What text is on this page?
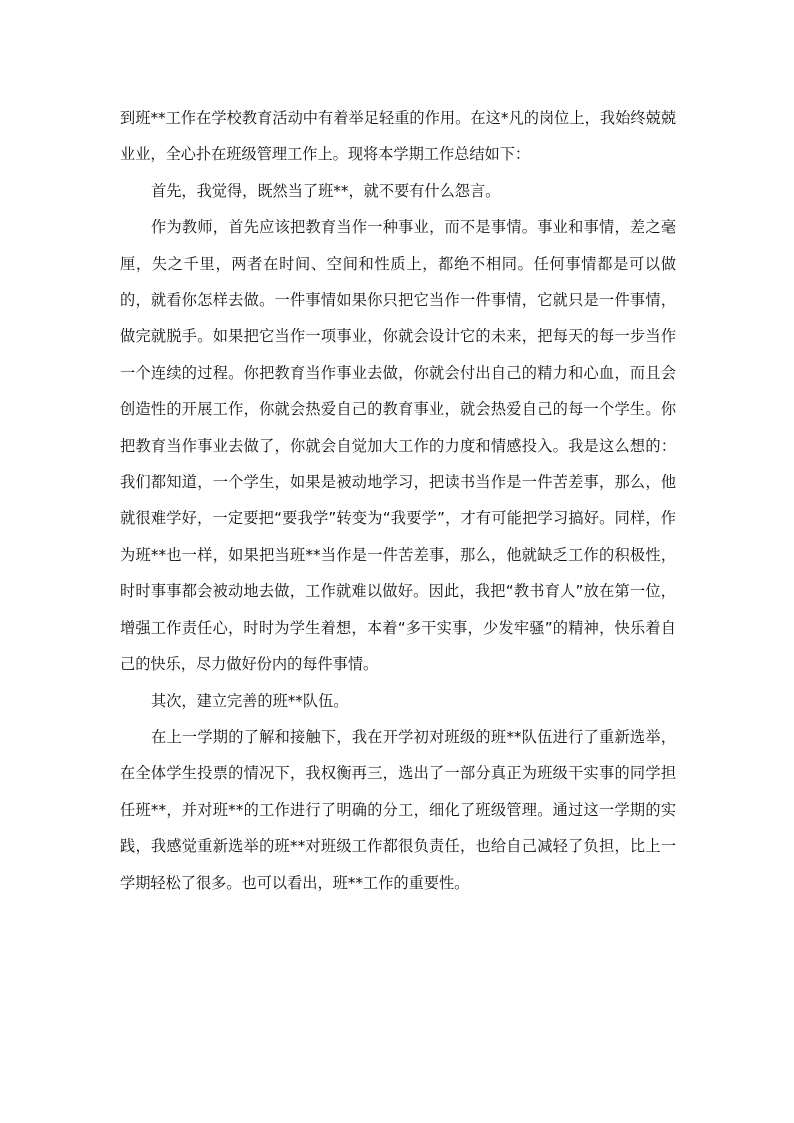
到班**工作在学校教育活动中有着举足轻重的作用。在这*凡的岗位上，我始终兢兢业业，全心扑在班级管理工作上。现将本学期工作总结如下：

首先，我觉得，既然当了班**，就不要有什么怨言。

作为教师，首先应该把教育当作一种事业，而不是事情。事业和事情，差之毫厘，失之千里，两者在时间、空间和性质上，都绝不相同。任何事情都是可以做的，就看你怎样去做。一件事情如果你只把它当作一件事情，它就只是一件事情，做完就脱手。如果把它当作一项事业，你就会设计它的未来，把每天的每一步当作一个连续的过程。你把教育当作事业去做，你就会付出自己的精力和心血，而且会创造性的开展工作，你就会热爱自己的教育事业，就会热爱自己的每一个学生。你把教育当作事业去做了，你就会自觉加大工作的力度和情感投入。我是这么想的：我们都知道，一个学生，如果是被动地学习，把读书当作是一件苦差事，那么，他就很难学好，一定要把“要我学”转变为“我要学”，才有可能把学习搞好。同样，作为班**也一样，如果把当班**当作是一件苦差事，那么，他就缺乏工作的积极性，时时事事都会被动地去做，工作就难以做好。因此，我把“教书育人”放在第一位，增强工作责任心，时时为学生着想，本着“多干实事，少发牢骚”的精神，快乐着自己的快乐，尽力做好份内的每件事情。

其次，建立完善的班**队伍。

在上一学期的了解和接触下，我在开学初对班级的班**队伍进行了重新选举，在全体学生投票的情况下，我权衡再三，选出了一部分真正为班级干实事的同学担任班**，并对班**的工作进行了明确的分工，细化了班级管理。通过这一学期的实践，我感觉重新选举的班**对班级工作都很负责任，也给自己减轻了负担，比上一学期轻松了很多。也可以看出，班**工作的重要性。
